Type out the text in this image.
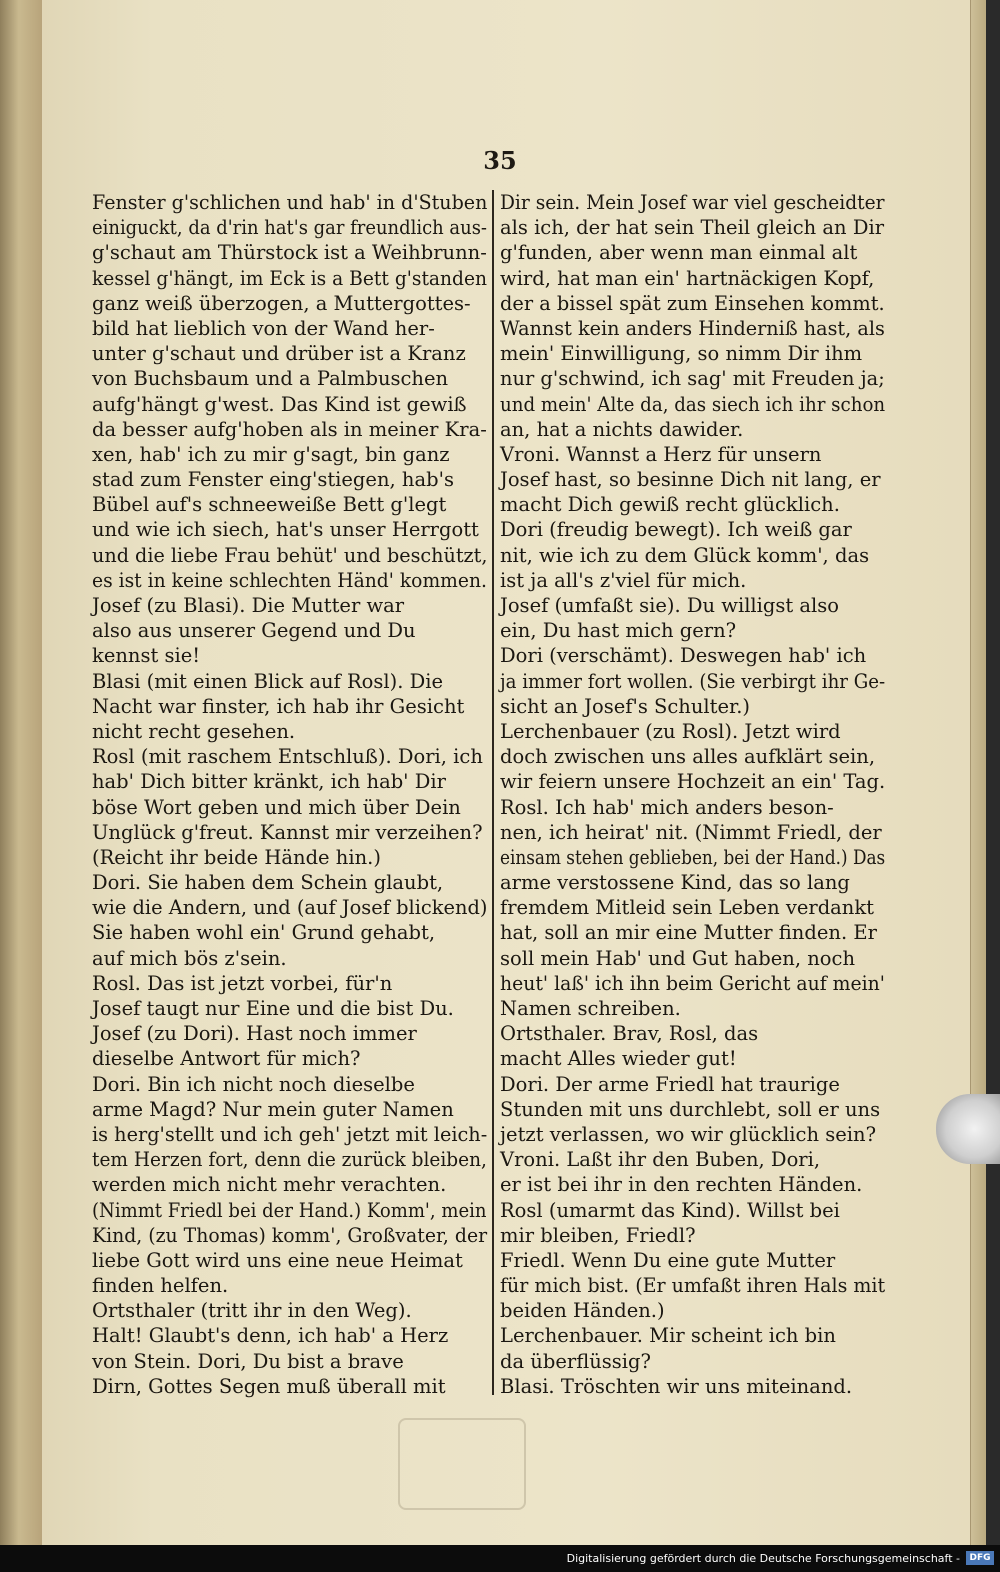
35
Fenster g'schlichen und hab' in d'Stuben
einiguckt, da d'rin hat's gar freundlich aus-
g'schaut am Thürstock ist a Weihbrunn-
kessel g'hängt, im Eck is a Bett g'standen
ganz weiß überzogen, a Muttergottes-
bild hat lieblich von der Wand her-
unter g'schaut und drüber ist a Kranz
von Buchsbaum und a Palmbuschen
aufg'hängt g'west. Das Kind ist gewiß
da besser aufg'hoben als in meiner Kra-
xen, hab' ich zu mir g'sagt, bin ganz
stad zum Fenster eing'stiegen, hab's
Bübel auf's schneeweiße Bett g'legt
und wie ich siech, hat's unser Herrgott
und die liebe Frau behüt' und beschützt,
es ist in keine schlechten Händ' kommen.
Josef (zu Blasi). Die Mutter war
also aus unserer Gegend und Du
kennst sie!
Blasi (mit einen Blick auf Rosl). Die
Nacht war finster, ich hab ihr Gesicht
nicht recht gesehen.
Rosl (mit raschem Entschluß). Dori, ich
hab' Dich bitter kränkt, ich hab' Dir
böse Wort geben und mich über Dein
Unglück g'freut. Kannst mir verzeihen?
(Reicht ihr beide Hände hin.)
Dori. Sie haben dem Schein glaubt,
wie die Andern, und (auf Josef blickend)
Sie haben wohl ein' Grund gehabt,
auf mich bös z'sein.
Rosl. Das ist jetzt vorbei, für'n
Josef taugt nur Eine und die bist Du.
Josef (zu Dori). Hast noch immer
dieselbe Antwort für mich?
Dori. Bin ich nicht noch dieselbe
arme Magd? Nur mein guter Namen
is herg'stellt und ich geh' jetzt mit leich-
tem Herzen fort, denn die zurück bleiben,
werden mich nicht mehr verachten.
(Nimmt Friedl bei der Hand.) Komm', mein
Kind, (zu Thomas) komm', Großvater, der
liebe Gott wird uns eine neue Heimat
finden helfen.
Ortsthaler (tritt ihr in den Weg).
Halt! Glaubt's denn, ich hab' a Herz
von Stein. Dori, Du bist a brave
Dirn, Gottes Segen muß überall mit
Dir sein. Mein Josef war viel gescheidter
als ich, der hat sein Theil gleich an Dir
g'funden, aber wenn man einmal alt
wird, hat man ein' hartnäckigen Kopf,
der a bissel spät zum Einsehen kommt.
Wannst kein anders Hinderniß hast, als
mein' Einwilligung, so nimm Dir ihm
nur g'schwind, ich sag' mit Freuden ja;
und mein' Alte da, das siech ich ihr schon
an, hat a nichts dawider.
Vroni. Wannst a Herz für unsern
Josef hast, so besinne Dich nit lang, er
macht Dich gewiß recht glücklich.
Dori (freudig bewegt). Ich weiß gar
nit, wie ich zu dem Glück komm', das
ist ja all's z'viel für mich.
Josef (umfaßt sie). Du willigst also
ein, Du hast mich gern?
Dori (verschämt). Deswegen hab' ich
ja immer fort wollen. (Sie verbirgt ihr Ge-
sicht an Josef's Schulter.)
Lerchenbauer (zu Rosl). Jetzt wird
doch zwischen uns alles aufklärt sein,
wir feiern unsere Hochzeit an ein' Tag.
Rosl. Ich hab' mich anders beson-
nen, ich heirat' nit. (Nimmt Friedl, der
einsam stehen geblieben, bei der Hand.) Das
arme verstossene Kind, das so lang
fremdem Mitleid sein Leben verdankt
hat, soll an mir eine Mutter finden. Er
soll mein Hab' und Gut haben, noch
heut' laß' ich ihn beim Gericht auf mein'
Namen schreiben.
Ortsthaler. Brav, Rosl, das
macht Alles wieder gut!
Dori. Der arme Friedl hat traurige
Stunden mit uns durchlebt, soll er uns
jetzt verlassen, wo wir glücklich sein?
Vroni. Laßt ihr den Buben, Dori,
er ist bei ihr in den rechten Händen.
Rosl (umarmt das Kind). Willst bei
mir bleiben, Friedl?
Friedl. Wenn Du eine gute Mutter
für mich bist. (Er umfaßt ihren Hals mit
beiden Händen.)
Lerchenbauer. Mir scheint ich bin
da überflüssig?
Blasi. Tröschten wir uns miteinand.
Digitalisierung gefördert durch die Deutsche Forschungsgemeinschaft -	DFG
